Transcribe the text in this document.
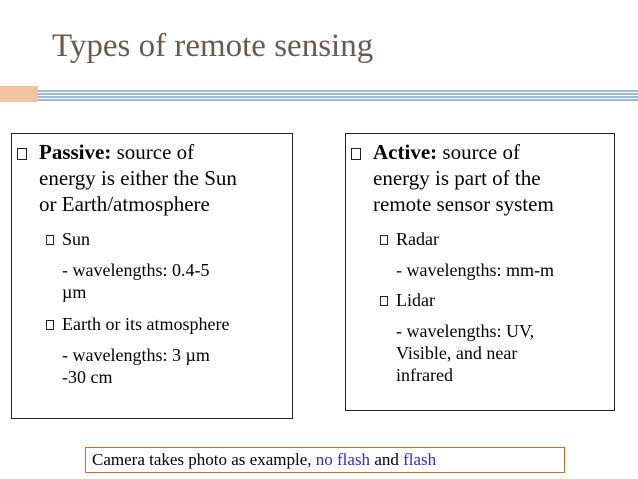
Types of remote sensing
Passive: source of
energy is either the Sun
or Earth/atmosphere
Sun
- wavelengths: 0.4-5
µm
Earth or its atmosphere
- wavelengths: 3 µm
-30 cm
Active: source of
energy is part of the
remote sensor system
Radar
- wavelengths: mm-m
Lidar
- wavelengths: UV,
Visible, and near
infrared
Camera takes photo as example, no flash and flash
